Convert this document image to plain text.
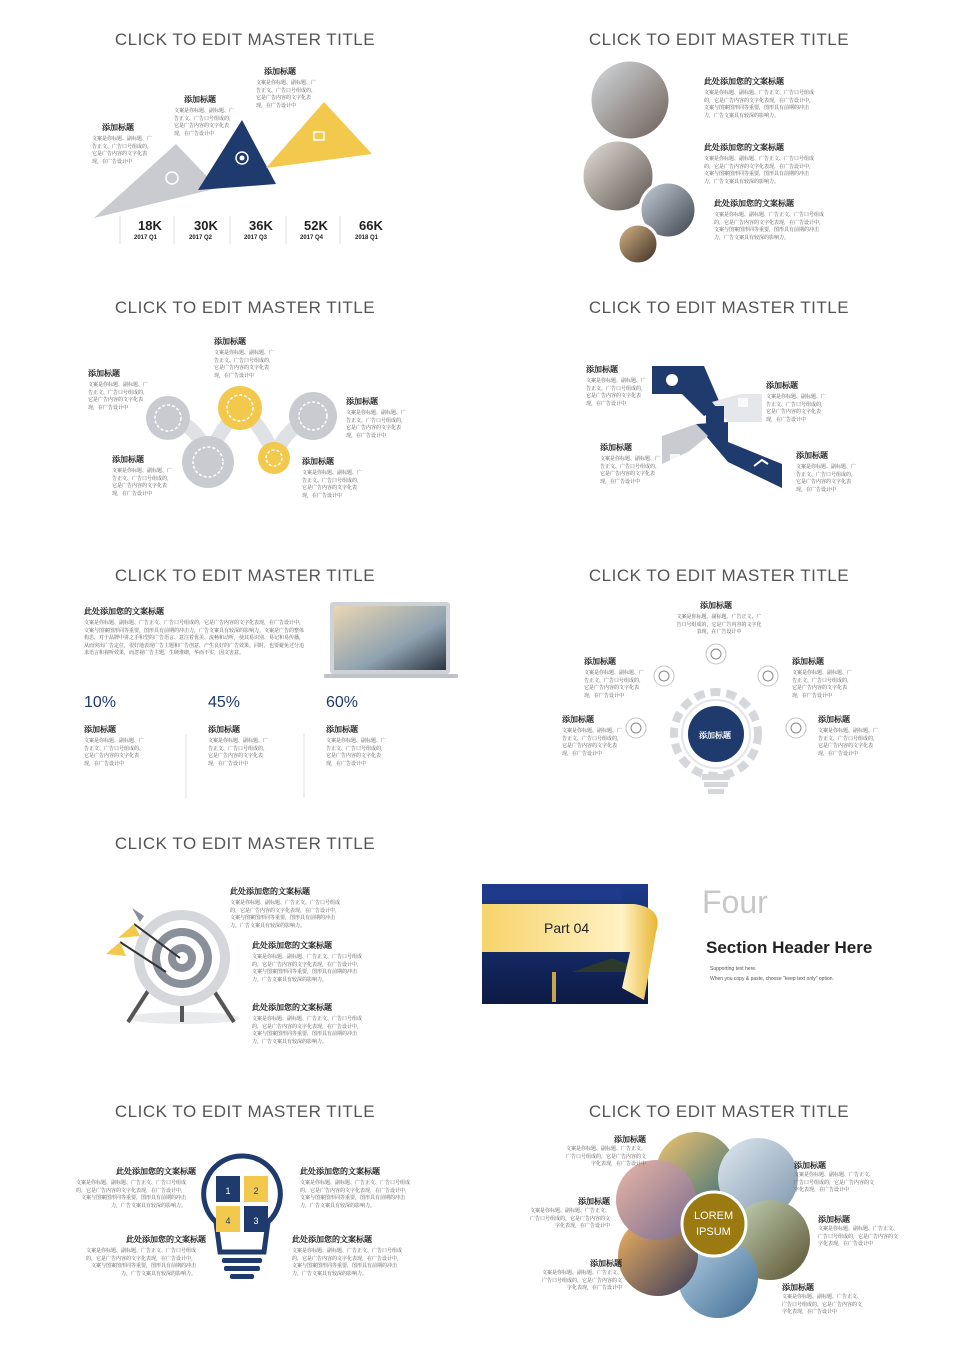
CLICK TO EDIT MASTER TITLE
添加标题
文案是你标题、副标题、广告正文、广告口号组成的，它是广告内容的文字化表现，在广告设计中
添加标题
文案是你标题、副标题、广告正文、广告口号组成的，它是广告内容的文字化表现，在广告设计中
添加标题
文案是你标题、副标题、广告正文、广告口号组成的，它是广告内容的文字化表现，在广告设计中
18K
2017 Q1
30K
2017 Q2
36K
2017 Q3
52K
2017 Q4
66K
2018 Q1
CLICK TO EDIT MASTER TITLE
此处添加您的文案标题
文案是你标题、副标题、广告正文、广告口号组成的，它是广告内容的文字化表现，在广告设计中，文案与图案图形同等重要，图形具有前期的冲击力，广告文案具有较深的影响力。
此处添加您的文案标题
文案是你标题、副标题、广告正文、广告口号组成的，它是广告内容的文字化表现，在广告设计中，文案与图案图形同等重要，图形具有前期的冲击力，广告文案具有较深的影响力。
此处添加您的文案标题
文案是你标题、副标题、广告正文、广告口号组成的，它是广告内容的文字化表现，在广告设计中，文案与图案图形同等重要，图形具有前期的冲击力，广告文案具有较深的影响力。
CLICK TO EDIT MASTER TITLE
添加标题
文案是你标题、副标题、广告正文、广告口号组成的，它是广告内容的文字化表现，在广告设计中
添加标题
文案是你标题、副标题、广告正文、广告口号组成的，它是广告内容的文字化表现，在广告设计中
添加标题
文案是你标题、副标题、广告正文、广告口号组成的，它是广告内容的文字化表现，在广告设计中
添加标题
文案是你标题、副标题、广告正文、广告口号组成的，它是广告内容的文字化表现，在广告设计中
添加标题
文案是你标题、副标题、广告正文、广告口号组成的，它是广告内容的文字化表现，在广告设计中
CLICK TO EDIT MASTER TITLE
添加标题
文案是你标题、副标题、广告正文、广告口号组成的，它是广告内容的文字化表现，在广告设计中
添加标题
文案是你标题、副标题、广告正文、广告口号组成的，它是广告内容的文字化表现，在广告设计中
添加标题
文案是你标题、副标题、广告正文、广告口号组成的，它是广告内容的文字化表现，在广告设计中
添加标题
文案是你标题、副标题、广告正文、广告口号组成的，它是广告内容的文字化表现，在广告设计中
CLICK TO EDIT MASTER TITLE
此处添加您的文案标题
文案是你标题、副标题、广告正文、广告口号组成的，它是广告内容的文字化表现，在广告设计中，文案与图案图形同等重要，图形具有前期的冲击力，广告文案具有较深的影响力。文案是广告的整体构思，对于品牌中讲之手和型的广告语言、意注着优美、流畅和动听，使其易识别、易记和易传播，从而突出广告定位，很好地表现广告主题和广告创意，产生良好的广告效果。同时，也要避免过分追求语言和视听效果，而忽视广告主题，生硬堆砌，华而不实，因文害意。
10%
添加标题
文案是你标题、副标题、广告正文、广告口号组成的，它是广告内容的文字化表现，在广告设计中
45%
添加标题
文案是你标题、副标题、广告正文、广告口号组成的，它是广告内容的文字化表现，在广告设计中
60%
添加标题
文案是你标题、副标题、广告正文、广告口号组成的，它是广告内容的文字化表现，在广告设计中
CLICK TO EDIT MASTER TITLE
添加标题
添加标题
文案是你标题、副标题、广告正文、广告口号组成的，它是广告内容的文字化表现，在广告设计中
添加标题
文案是你标题、副标题、广告正文、广告口号组成的，它是广告内容的文字化表现，在广告设计中
添加标题
文案是你标题、副标题、广告正文、广告口号组成的，它是广告内容的文字化表现，在广告设计中
添加标题
文案是你标题、副标题、广告正文、广告口号组成的，它是广告内容的文字化表现，在广告设计中
添加标题
文案是你标题、副标题、广告正文、广告口号组成的，它是广告内容的文字化表现，在广告设计中
CLICK TO EDIT MASTER TITLE
此处添加您的文案标题
文案是你标题、副标题、广告正文、广告口号组成的，它是广告内容的文字化表现，在广告设计中，文案与图案图形同等重要，图形具有前期的冲击力，广告文案具有较深的影响力。
此处添加您的文案标题
文案是你标题、副标题、广告正文、广告口号组成的，它是广告内容的文字化表现，在广告设计中，文案与图案图形同等重要，图形具有前期的冲击力，广告文案具有较深的影响力。
此处添加您的文案标题
文案是你标题、副标题、广告正文、广告口号组成的，它是广告内容的文字化表现，在广告设计中，文案与图案图形同等重要，图形具有前期的冲击力，广告文案具有较深的影响力。
Part 04
Four
Section Header Here
Supporting text here.
When you copy & paste, choose "keep text only" option.
CLICK TO EDIT MASTER TITLE
1	2
3
4
此处添加您的文案标题
文案是你标题、副标题、广告正文、广告口号组成的，它是广告内容的文字化表现，在广告设计中，文案与图案图形同等重要，图形具有前期的冲击力，广告文案具有较深的影响力。
此处添加您的文案标题
文案是你标题、副标题、广告正文、广告口号组成的，它是广告内容的文字化表现，在广告设计中，文案与图案图形同等重要，图形具有前期的冲击力，广告文案具有较深的影响力。
此处添加您的文案标题
文案是你标题、副标题、广告正文、广告口号组成的，它是广告内容的文字化表现，在广告设计中，文案与图案图形同等重要，图形具有前期的冲击力，广告文案具有较深的影响力。
此处添加您的文案标题
文案是你标题、副标题、广告正文、广告口号组成的，它是广告内容的文字化表现，在广告设计中，文案与图案图形同等重要，图形具有前期的冲击力，广告文案具有较深的影响力。
CLICK TO EDIT MASTER TITLE
LOREM
IPSUM
添加标题
文案是你标题、副标题、广告正文、广告口号组成的，它是广告内容的文字化表现，在广告设计中	添加标题
文案是你标题、副标题、广告正文、广告口号组成的，它是广告内容的文字化表现，在广告设计中
添加标题
文案是你标题、副标题、广告正文、广告口号组成的，它是广告内容的文字化表现，在广告设计中
添加标题
文案是你标题、副标题、广告正文、广告口号组成的，它是广告内容的文字化表现，在广告设计中
添加标题
文案是你标题、副标题、广告正文、广告口号组成的，它是广告内容的文字化表现，在广告设计中	添加标题
文案是你标题、副标题、广告正文、广告口号组成的，它是广告内容的文字化表现，在广告设计中
